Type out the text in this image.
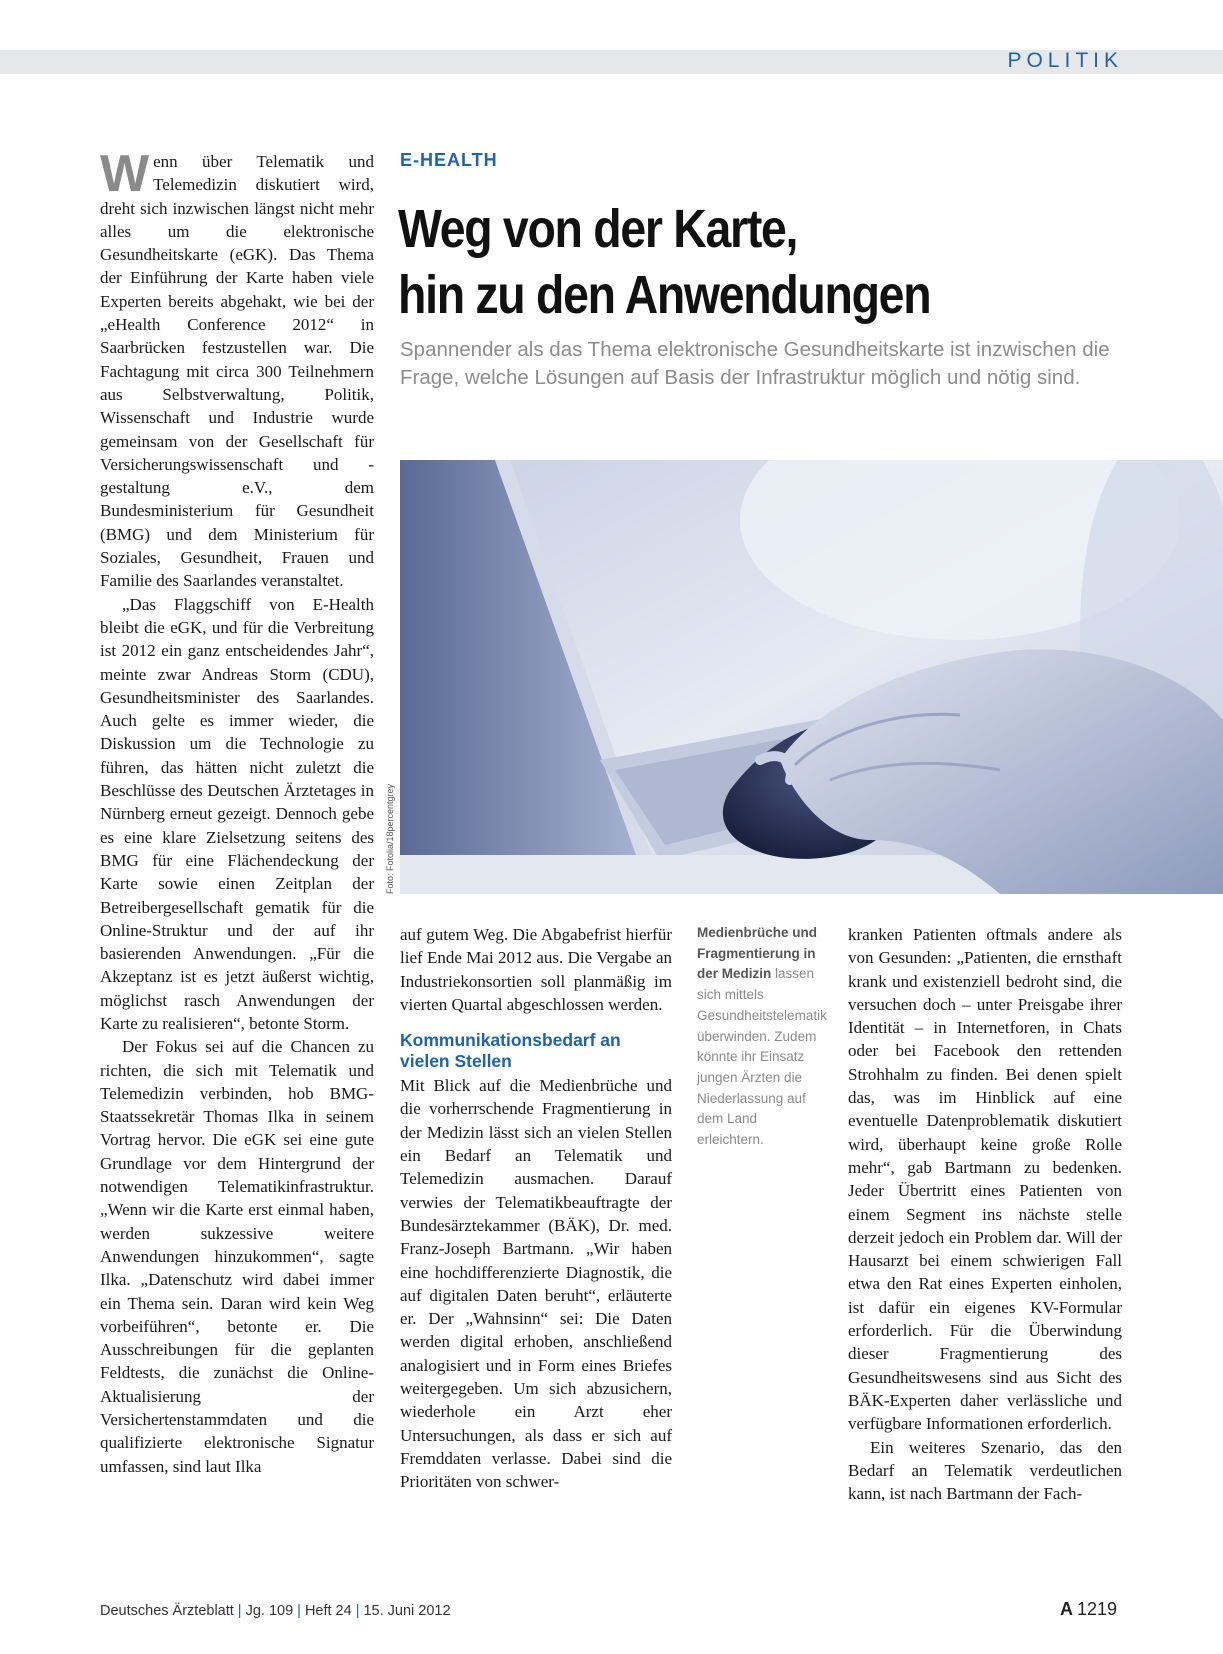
POLITIK

Wenn über Telematik und Telemedizin diskutiert wird, dreht sich inzwischen längst nicht mehr alles um die elektronische Gesundheitskarte (eGK). Das Thema der Einführung der Karte haben viele Experten bereits abgehakt, wie bei der „eHealth Conference 2012“ in Saarbrücken festzustellen war. Die Fachtagung mit circa 300 Teilnehmern aus Selbstverwaltung, Politik, Wissenschaft und Industrie wurde gemeinsam von der Gesellschaft für Versicherungswissenschaft und -gestaltung e.V., dem Bundesministerium für Gesundheit (BMG) und dem Ministerium für Soziales, Gesundheit, Frauen und Familie des Saarlandes veranstaltet.

„Das Flaggschiff von E-Health bleibt die eGK, und für die Verbreitung ist 2012 ein ganz entscheidendes Jahr“, meinte zwar Andreas Storm (CDU), Gesundheitsminister des Saarlandes. Auch gelte es immer wieder, die Diskussion um die Technologie zu führen, das hätten nicht zuletzt die Beschlüsse des Deutschen Ärztetages in Nürnberg erneut gezeigt. Dennoch gebe es eine klare Zielsetzung seitens des BMG für eine Flächendeckung der Karte sowie einen Zeitplan der Betreibergesellschaft gematik für die Online-Struktur und der auf ihr basierenden Anwendungen. „Für die Akzeptanz ist es jetzt äußerst wichtig, möglichst rasch Anwendungen der Karte zu realisieren“, betonte Storm.

Der Fokus sei auf die Chancen zu richten, die sich mit Telematik und Telemedizin verbinden, hob BMG-Staatssekretär Thomas Ilka in seinem Vortrag hervor. Die eGK sei eine gute Grundlage vor dem Hintergrund der notwendigen Telematikinfrastruktur. „Wenn wir die Karte erst einmal haben, werden sukzessive weitere Anwendungen hinzukommen“, sagte Ilka. „Datenschutz wird dabei immer ein Thema sein. Daran wird kein Weg vorbeiführen“, betonte er. Die Ausschreibungen für die geplanten Feldtests, die zunächst die Online-Aktualisierung der Versichertenstammdaten und die qualifizierte elektronische Signatur umfassen, sind laut Ilka

E-HEALTH
Weg von der Karte,
hin zu den Anwendungen
Spannender als das Thema elektronische Gesundheitskarte ist inzwischen die Frage, welche Lösungen auf Basis der Infrastruktur möglich und nötig sind.
Foto: Fotolia/18percentgrey

auf gutem Weg. Die Abgabefrist hierfür lief Ende Mai 2012 aus. Die Vergabe an Industriekonsortien soll planmäßig im vierten Quartal abgeschlossen werden.

Kommunikationsbedarf an vielen Stellen

Mit Blick auf die Medienbrüche und die vorherrschende Fragmentierung in der Medizin lässt sich an vielen Stellen ein Bedarf an Telematik und Telemedizin ausmachen. Darauf verwies der Telematikbeauftragte der Bundesärztekammer (BÄK), Dr. med. Franz-Joseph Bartmann. „Wir haben eine hochdifferenzierte Diagnostik, die auf digitalen Daten beruht“, erläuterte er. Der „Wahnsinn“ sei: Die Daten werden digital erhoben, anschließend analogisiert und in Form eines Briefes weitergegeben. Um sich abzusichern, wiederhole ein Arzt eher Untersuchungen, als dass er sich auf Fremddaten verlasse. Dabei sind die Prioritäten von schwer-

Medienbrüche und Fragmentierung in der Medizin lassen sich mittels Gesundheitstelematik überwinden. Zudem könnte ihr Einsatz jungen Ärzten die Niederlassung auf dem Land erleichtern.

kranken Patienten oftmals andere als von Gesunden: „Patienten, die ernsthaft krank und existenziell bedroht sind, die versuchen doch – unter Preisgabe ihrer Identität – in Internetforen, in Chats oder bei Facebook den rettenden Strohhalm zu finden. Bei denen spielt das, was im Hinblick auf eine eventuelle Datenproblematik diskutiert wird, überhaupt keine große Rolle mehr“, gab Bartmann zu bedenken. Jeder Übertritt eines Patienten von einem Segment ins nächste stelle derzeit jedoch ein Problem dar. Will der Hausarzt bei einem schwierigen Fall etwa den Rat eines Experten einholen, ist dafür ein eigenes KV-Formular erforderlich. Für die Überwindung dieser Fragmentierung des Gesundheitswesens sind aus Sicht des BÄK-Experten daher verlässliche und verfügbare Informationen erforderlich.

Ein weiteres Szenario, das den Bedarf an Telematik verdeutlichen kann, ist nach Bartmann der Fach-

Deutsches Ärzteblatt | Jg. 109 | Heft 24 | 15. Juni 2012	A 1219
